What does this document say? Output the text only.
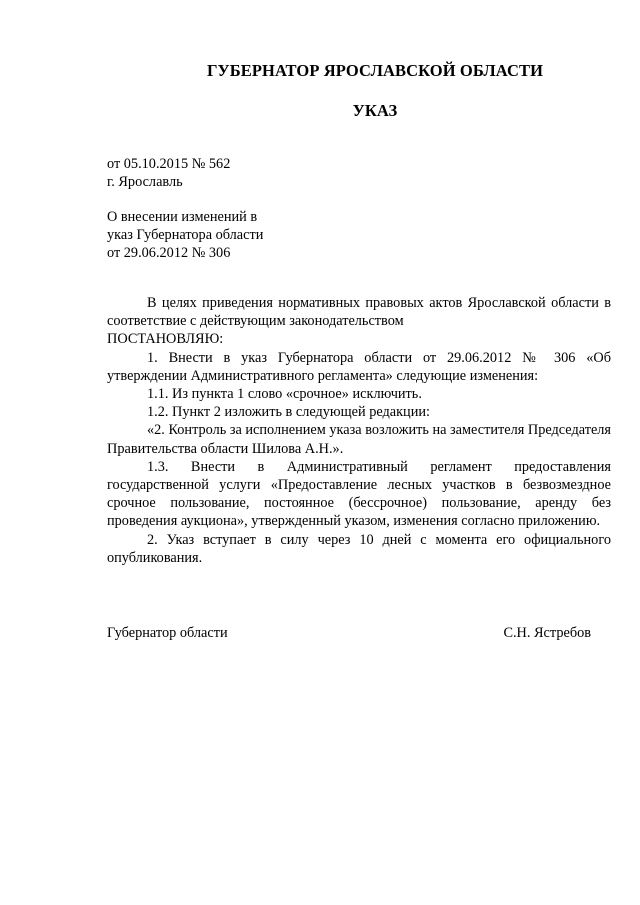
ГУБЕРНАТОР ЯРОСЛАВСКОЙ ОБЛАСТИ
УКАЗ
от 05.10.2015 № 562
г. Ярославль
О внесении изменений в
указ Губернатора области
от 29.06.2012 № 306

В целях приведения нормативных правовых актов Ярославской области в соответствие с действующим законодательством

ПОСТАНОВЛЯЮ:

1. Внести в указ Губернатора области от 29.06.2012 № 306 «Об утверждении Административного регламента» следующие изменения:

1.1. Из пункта 1 слово «срочное» исключить.

1.2. Пункт 2 изложить в следующей редакции:

«2. Контроль за исполнением указа возложить на заместителя Председателя Правительства области Шилова А.Н.».

1.3. Внести в Административный регламент предоставления государственной услуги «Предоставление лесных участков в безвозмездное срочное пользование, постоянное (бессрочное) пользование, аренду без проведения аукциона», утвержденный указом, изменения согласно приложению.

2. Указ вступает в силу через 10 дней с момента его официального опубликования.

Губернатор области	С.Н. Ястребов
